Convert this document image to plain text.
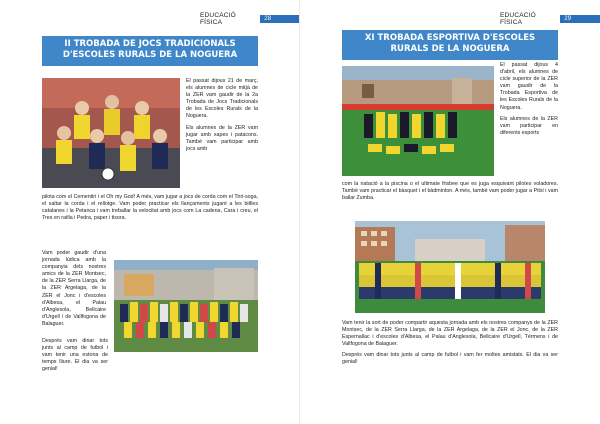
EDUCACIÓ FÍSICA	28
II TROBADA DE JOCS TRADICIONALS D'ESCOLES RURALS DE LA NOGUERA

El passat dijous 21 de març, els alumnes de cicle mitjà de la ZER vam gaudir de la 2a Trobada de Jocs Tradicionals de les Escoles Rurals de la Noguera.

Els alumnes de la ZER vam jugar amb xapes i patacons. També vam participar amb jocs amb

pilota com el Cementiri i el Oh my God! A més, vam jugar a jocs de corda com el Tiró-soga, el saltar la corda i el rellotge. Vam poder practicar els llançaments jugant a les bitlles catalanes i la Petanca i vam treballar la velocitat amb jocs com La cadena, Cara i creu, el Tres en ratlla i Pedra, paper i tisora.

Vam poder gaudir d'una jornada lúdica amb la companyia dels nostres amics de la ZER Montsec, de la ZER Serra Llarga, de la ZER Argelaga, de la ZER el Jonc i d'escoles d'Albesa, el Palau d'Anglesola, Bellcaire d'Urgell i de Vallfogona de Balaguer.

Després vam dinar tots junts al camp de futbol i vam tenir una estona de temps lliure. El dia va ser genial!

EDUCACIÓ FÍSICA	29
XI TROBADA ESPORTIVA D'ESCOLES RURALS DE LA NOGUERA

El passat dijous 4 d'abril, els alumnes de cicle superior de la ZER vam gaudir de la Trobada Esportiva de les Escoles Rurals de la Noguera.

Els alumnes de la ZER vam participar en diferents esports

com la natació a la piscina o el ultimate frisbee que es juga esquivant pilotes voladores. També vam practicar el bàsquet i el bàdminton. A més, també vam poder jugar a Pitxi i vam ballar Zumba.

Vam tenir la sort de poder compartir aquesta jornada amb els nostres companys de la ZER Montsec, de la ZER Serra Llarga, de la ZER Argelaga, de la ZER el Jonc, de la ZER Espernallac i d'escoles d'Albesa, el Palau d'Anglesola, Bellcaire d'Urgell, Térmens i de Vallfogona de Balaguer.

Després vam dinar tots junts al camp de futbol i vam fer moltes amistats. El dia va ser genial!
